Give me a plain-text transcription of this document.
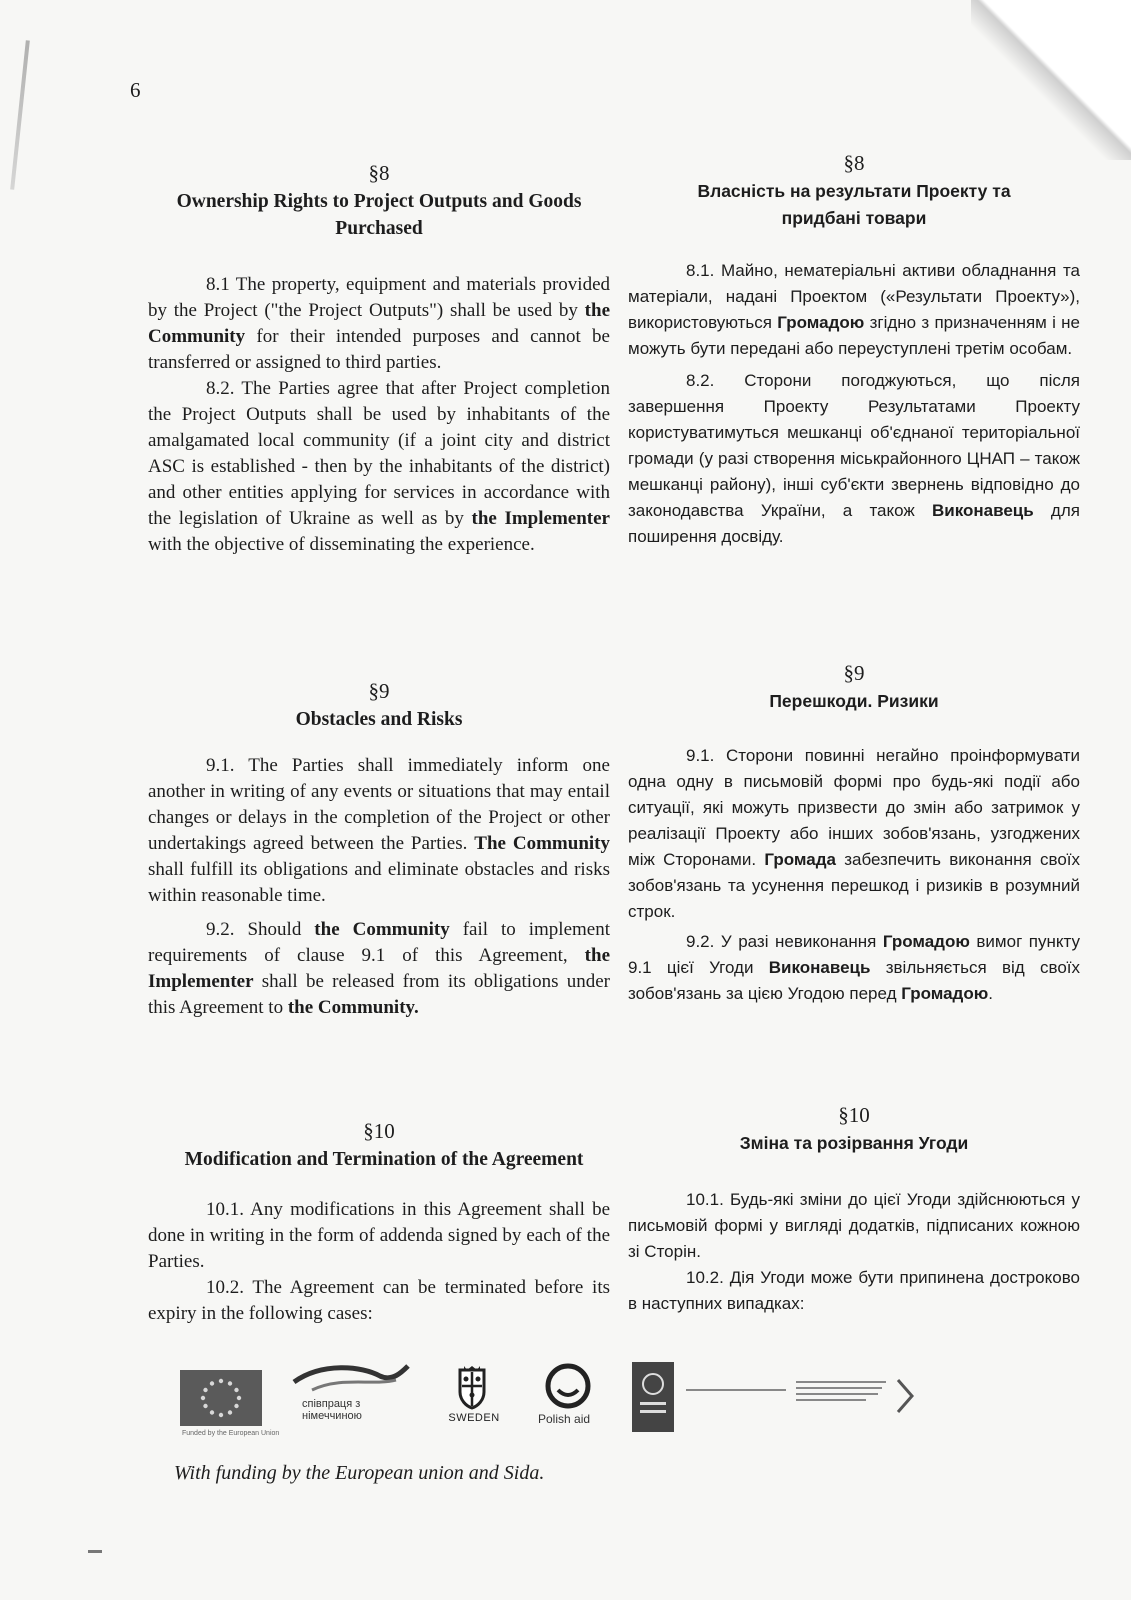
6
§8
Ownership Rights to Project Outputs and Goods Purchased

8.1 The property, equipment and materials provided by the Project ("the Project Outputs") shall be used by the Community for their intended purposes and cannot be transferred or assigned to third parties.

8.2. The Parties agree that after Project completion the Project Outputs shall be used by inhabitants of the amalgamated local community (if a joint city and district ASC is established - then by the inhabitants of the district) and other entities applying for services in accordance with the legislation of Ukraine as well as by the Implementer with the objective of disseminating the experience.

§9
Obstacles and Risks

9.1. The Parties shall immediately inform one another in writing of any events or situations that may entail changes or delays in the completion of the Project or other undertakings agreed between the Parties. The Community shall fulfill its obligations and eliminate obstacles and risks within reasonable time.

9.2. Should the Community fail to implement requirements of clause 9.1 of this Agreement, the Implementer shall be released from its obligations under this Agreement to the Community.

§10
Modification and Termination of the Agreement

10.1. Any modifications in this Agreement shall be done in writing in the form of addenda signed by each of the Parties.

10.2. The Agreement can be terminated before its expiry in the following cases:

§8
Власність на результати Проекту та придбані товари

8.1. Майно, нематеріальні активи обладнання та матеріали, надані Проектом («Результати Проекту»), використовуються Громадою згідно з призначенням і не можуть бути передані або переуступлені третім особам.

8.2. Сторони погоджуються, що після завершення Проекту Результатами Проекту користуватимуться мешканці об'єднаної територіальної громади (у разі створення міськрайонного ЦНАП – також мешканці району), інші суб'єкти звернень відповідно до законодавства України, а також Виконавець для поширення досвіду.

§9
Перешкоди. Ризики

9.1. Сторони повинні негайно проінформувати одна одну в письмовій формі про будь-які події або ситуації, які можуть призвести до змін або затримок у реалізації Проекту або інших зобов'язань, узгоджених між Сторонами. Громада забезпечить виконання своїх зобов'язань та усунення перешкод і ризиків в розумний строк.

9.2. У разі невиконання Громадою вимог пункту 9.1 цієї Угоди Виконавець звільняється від своїх зобов'язань за цією Угодою перед Громадою.

§10
Зміна та розірвання Угоди

10.1. Будь-які зміни до цієї Угоди здійснюються у письмовій формі у вигляді додатків, підписаних кожною зі Сторін.

10.2. Дія Угоди може бути припинена достроково в наступних випадках:

Funded by the European Union
співпраця з
німеччиною	SWEDEN	Polish aid
With funding by the European union and Sida.
